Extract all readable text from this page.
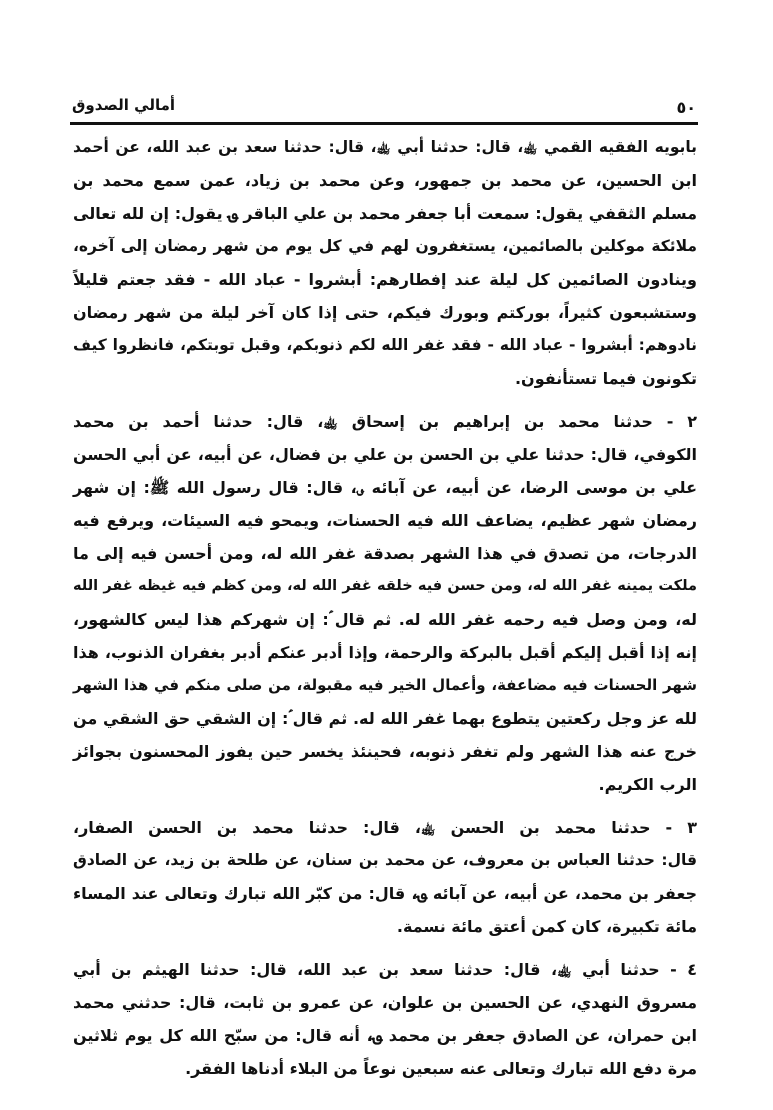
٥٠
أمالي الصدوق
بابويه الفقيه القمي ﵀، قال: حدثنا أبي ﵀، قال: حدثنا سعد بن عبد الله، عن أحمد
ابن الحسين، عن محمد بن جمهور، وعن محمد بن زياد، عمن سمع محمد بن
مسلم الثقفي يقول: سمعت أبا جعفر محمد بن علي الباقر ؈ يقول: إن لله تعالى
ملائكة موكلين بالصائمين، يستغفرون لهم في كل يوم من شهر رمضان إلى آخره،
وينادون الصائمين كل ليلة عند إفطارهم: أبشروا - عباد الله - فقد جعتم قليلاً
وستشبعون كثيراً، بوركتم وبورك فيكم، حتى إذا كان آخر ليلة من شهر رمضان
نادوهم: أبشروا - عباد الله - فقد غفر الله لكم ذنوبكم، وقبل توبتكم، فانظروا كيف
تكونون فيما تستأنفون.
٢ - حدثنا محمد بن إبراهيم بن إسحاق ﵀، قال: حدثنا أحمد بن محمد
الكوفي، قال: حدثنا علي بن الحسن بن علي بن فضال، عن أبيه، عن أبي الحسن
علي بن موسى الرضا، عن أبيه، عن آبائه ؈، قال: قال رسول الله ﷺ: إن شهر
رمضان شهر عظيم، يضاعف الله فيه الحسنات، ويمحو فيه السيئات، ويرفع فيه
الدرجات، من تصدق في هذا الشهر بصدقة غفر الله له، ومن أحسن فيه إلى ما
ملكت يمينه غفر الله له، ومن حسن فيه خلقه غفر الله له، ومن كظم فيه غيظه غفر الله
له، ومن وصل فيه رحمه غفر الله له. ثم قال ؑ: إن شهركم هذا ليس كالشهور،
إنه إذا أقبل إليكم أقبل بالبركة والرحمة، وإذا أدبر عنكم أدبر بغفران الذنوب، هذا
شهر الحسنات فيه مضاعفة، وأعمال الخير فيه مقبولة، من صلى منكم في هذا الشهر
لله عز وجل ركعتين يتطوع بهما غفر الله له. ثم قال ؑ: إن الشقي حق الشقي من
خرج عنه هذا الشهر ولم تغفر ذنوبه، فحينئذ يخسر حين يفوز المحسنون بجوائز
الرب الكريم.
٣ - حدثنا محمد بن الحسن ﵀، قال: حدثنا محمد بن الحسن الصفار،
قال: حدثنا العباس بن معروف، عن محمد بن سنان، عن طلحة بن زيد، عن الصادق
جعفر بن محمد، عن أبيه، عن آبائه ؈، قال: من كبّر الله تبارك وتعالى عند المساء
مائة تكبيرة، كان كمن أعتق مائة نسمة.
٤ - حدثنا أبي ﵀، قال: حدثنا سعد بن عبد الله، قال: حدثنا الهيثم بن أبي
مسروق النهدي، عن الحسين بن علوان، عن عمرو بن ثابت، قال: حدثني محمد
ابن حمران، عن الصادق جعفر بن محمد ؈، أنه قال: من سبّح الله كل يوم ثلاثين
مرة دفع الله تبارك وتعالى عنه سبعين نوعاً من البلاء أدناها الفقر.
